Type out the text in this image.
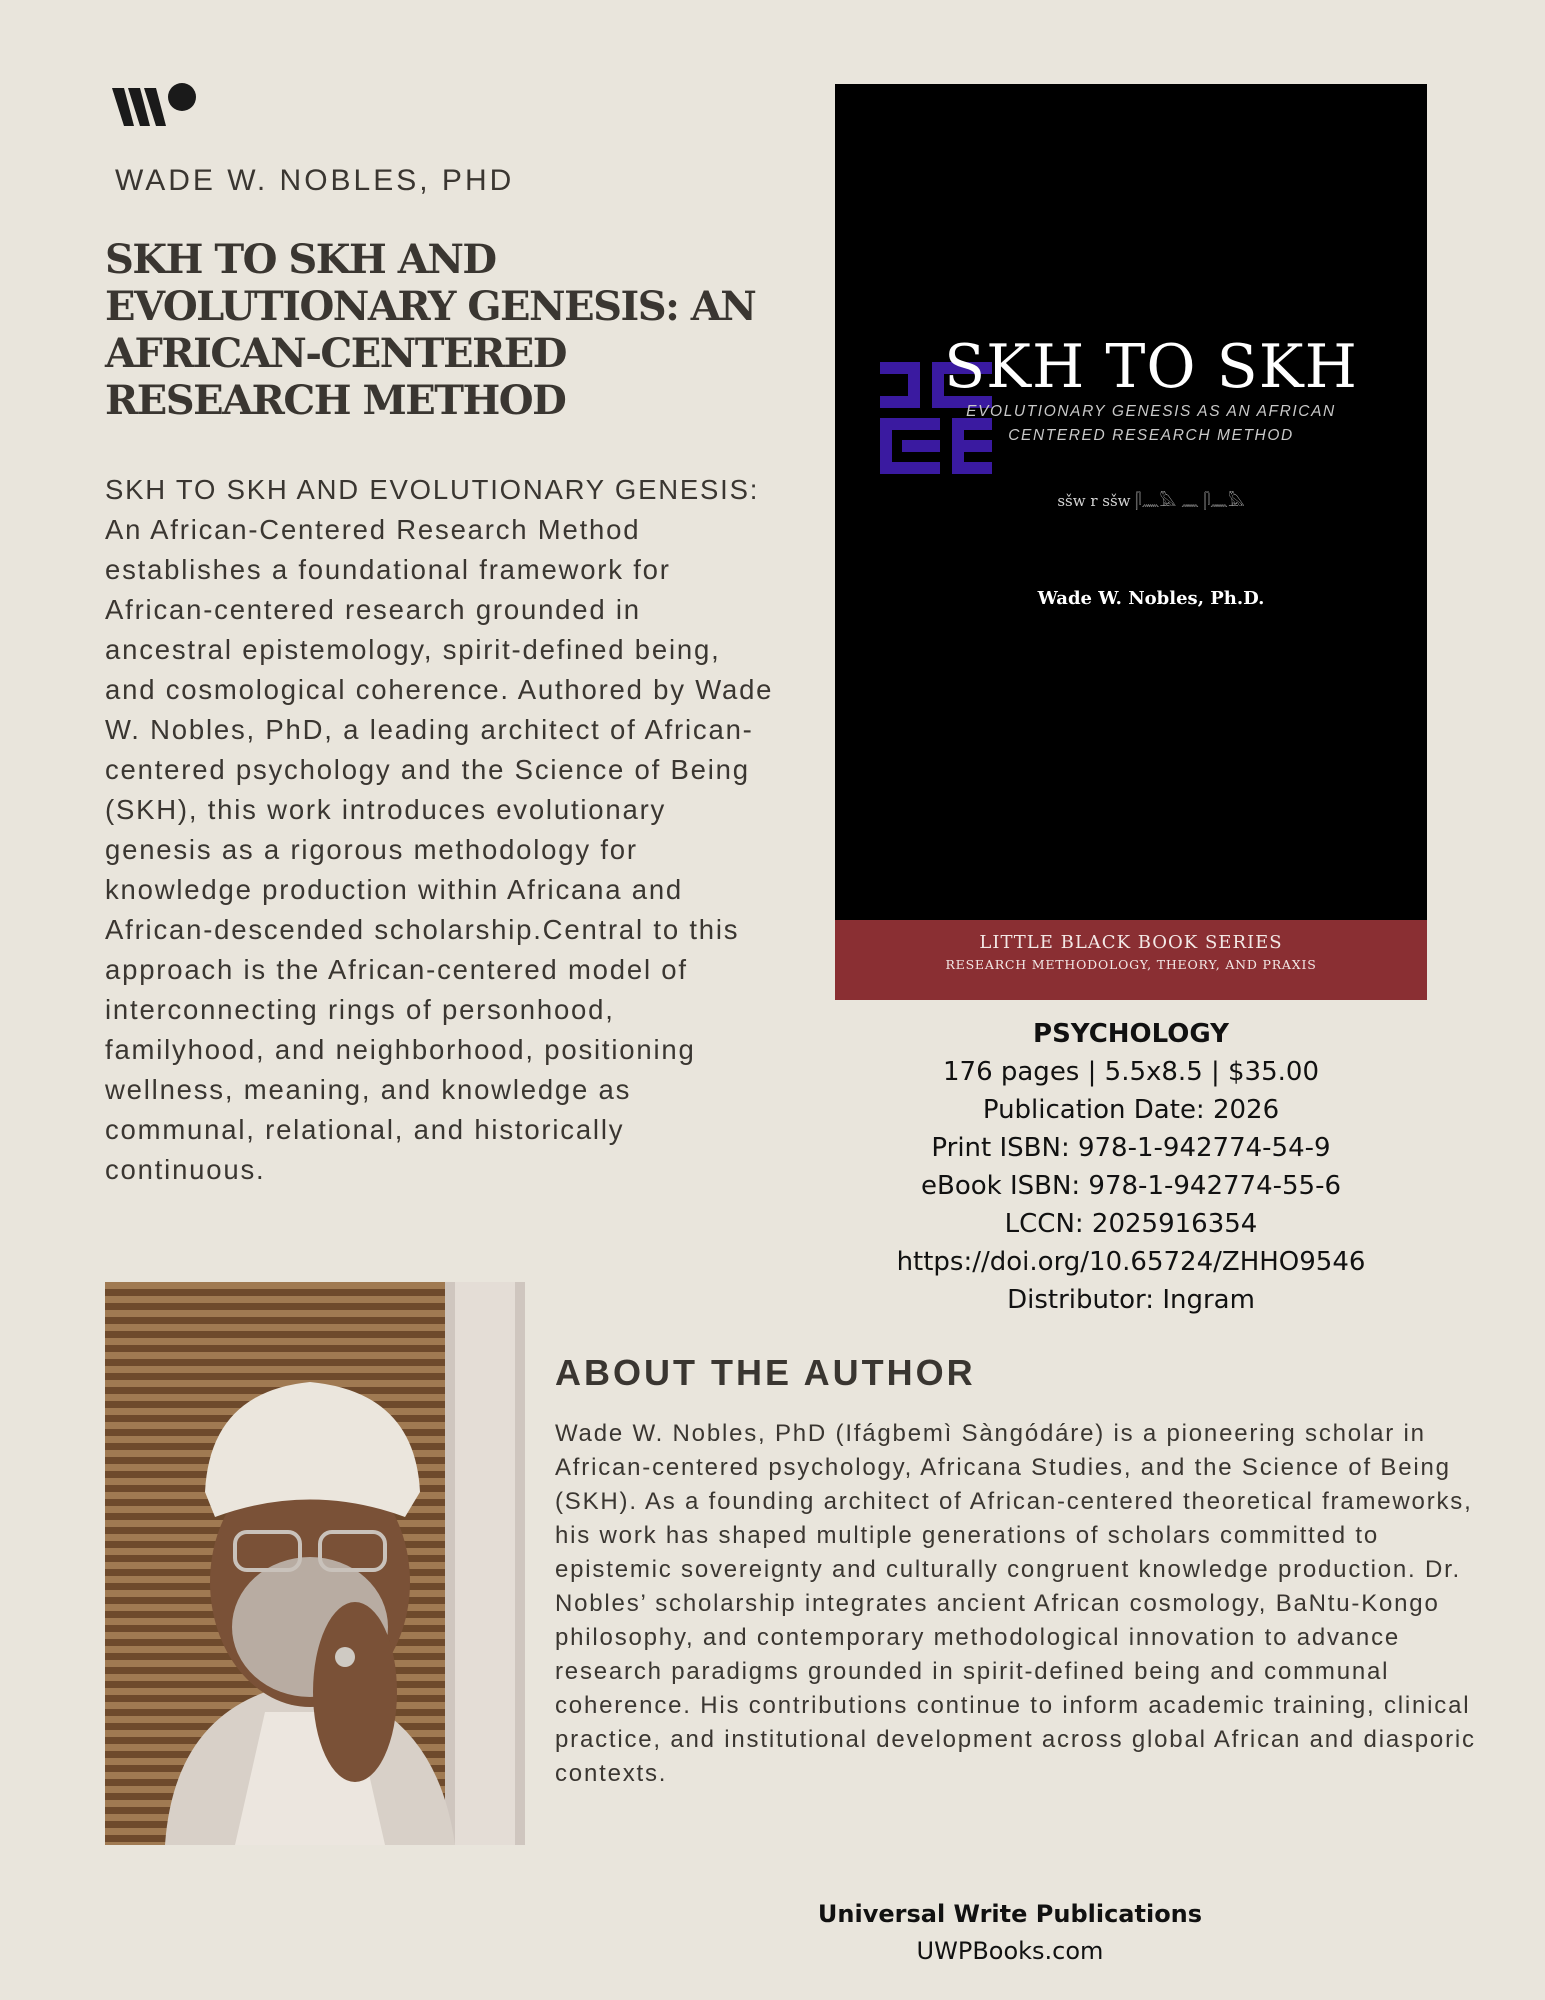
WADE W. NOBLES, PHD
SKH TO SKH AND EVOLUTIONARY GENESIS: AN AFRICAN-CENTERED RESEARCH METHOD

SKH TO SKH AND EVOLUTIONARY GENESIS: An African-Centered Research Method establishes a foundational framework for African-centered research grounded in ancestral epistemology, spirit-defined being, and cosmological coherence. Authored by Wade W. Nobles, PhD, a leading architect of African-centered psychology and the Science of Being (SKH), this work introduces evolutionary genesis as a rigorous methodology for knowledge production within Africana and African-descended scholarship.Central to this approach is the African-centered model of interconnecting rings of personhood, familyhood, and neighborhood, positioning wellness, meaning, and knowledge as communal, relational, and historically continuous.

SKH TO SKH
EVOLUTIONARY GENESIS AS AN AFRICAN
CENTERED RESEARCH METHOD
sšw r sšw 𓋴𓈖𓅓 𓈖 𓋴𓈖𓅓
Wade W. Nobles, Ph.D.
LITTLE BLACK BOOK SERIES
RESEARCH METHODOLOGY, THEORY, AND PRAXIS
PSYCHOLOGY
176 pages | 5.5x8.5 | $35.00
Publication Date: 2026
Print ISBN: 978-1-942774-54-9
eBook ISBN: 978-1-942774-55-6
LCCN: 2025916354
https://doi.org/10.65724/ZHHO9546
Distributor: Ingram
ABOUT THE AUTHOR

Wade W. Nobles, PhD (Ifágbemì Sàngódáre) is a pioneering scholar in African-centered psychology, Africana Studies, and the Science of Being (SKH). As a founding architect of African-centered theoretical frameworks, his work has shaped multiple generations of scholars committed to epistemic sovereignty and culturally congruent knowledge production. Dr. Nobles’ scholarship integrates ancient African cosmology, BaNtu-Kongo philosophy, and contemporary methodological innovation to advance research paradigms grounded in spirit-defined being and communal coherence. His contributions continue to inform academic training, clinical practice, and institutional development across global African and diasporic contexts.

Universal Write Publications
UWPBooks.com
